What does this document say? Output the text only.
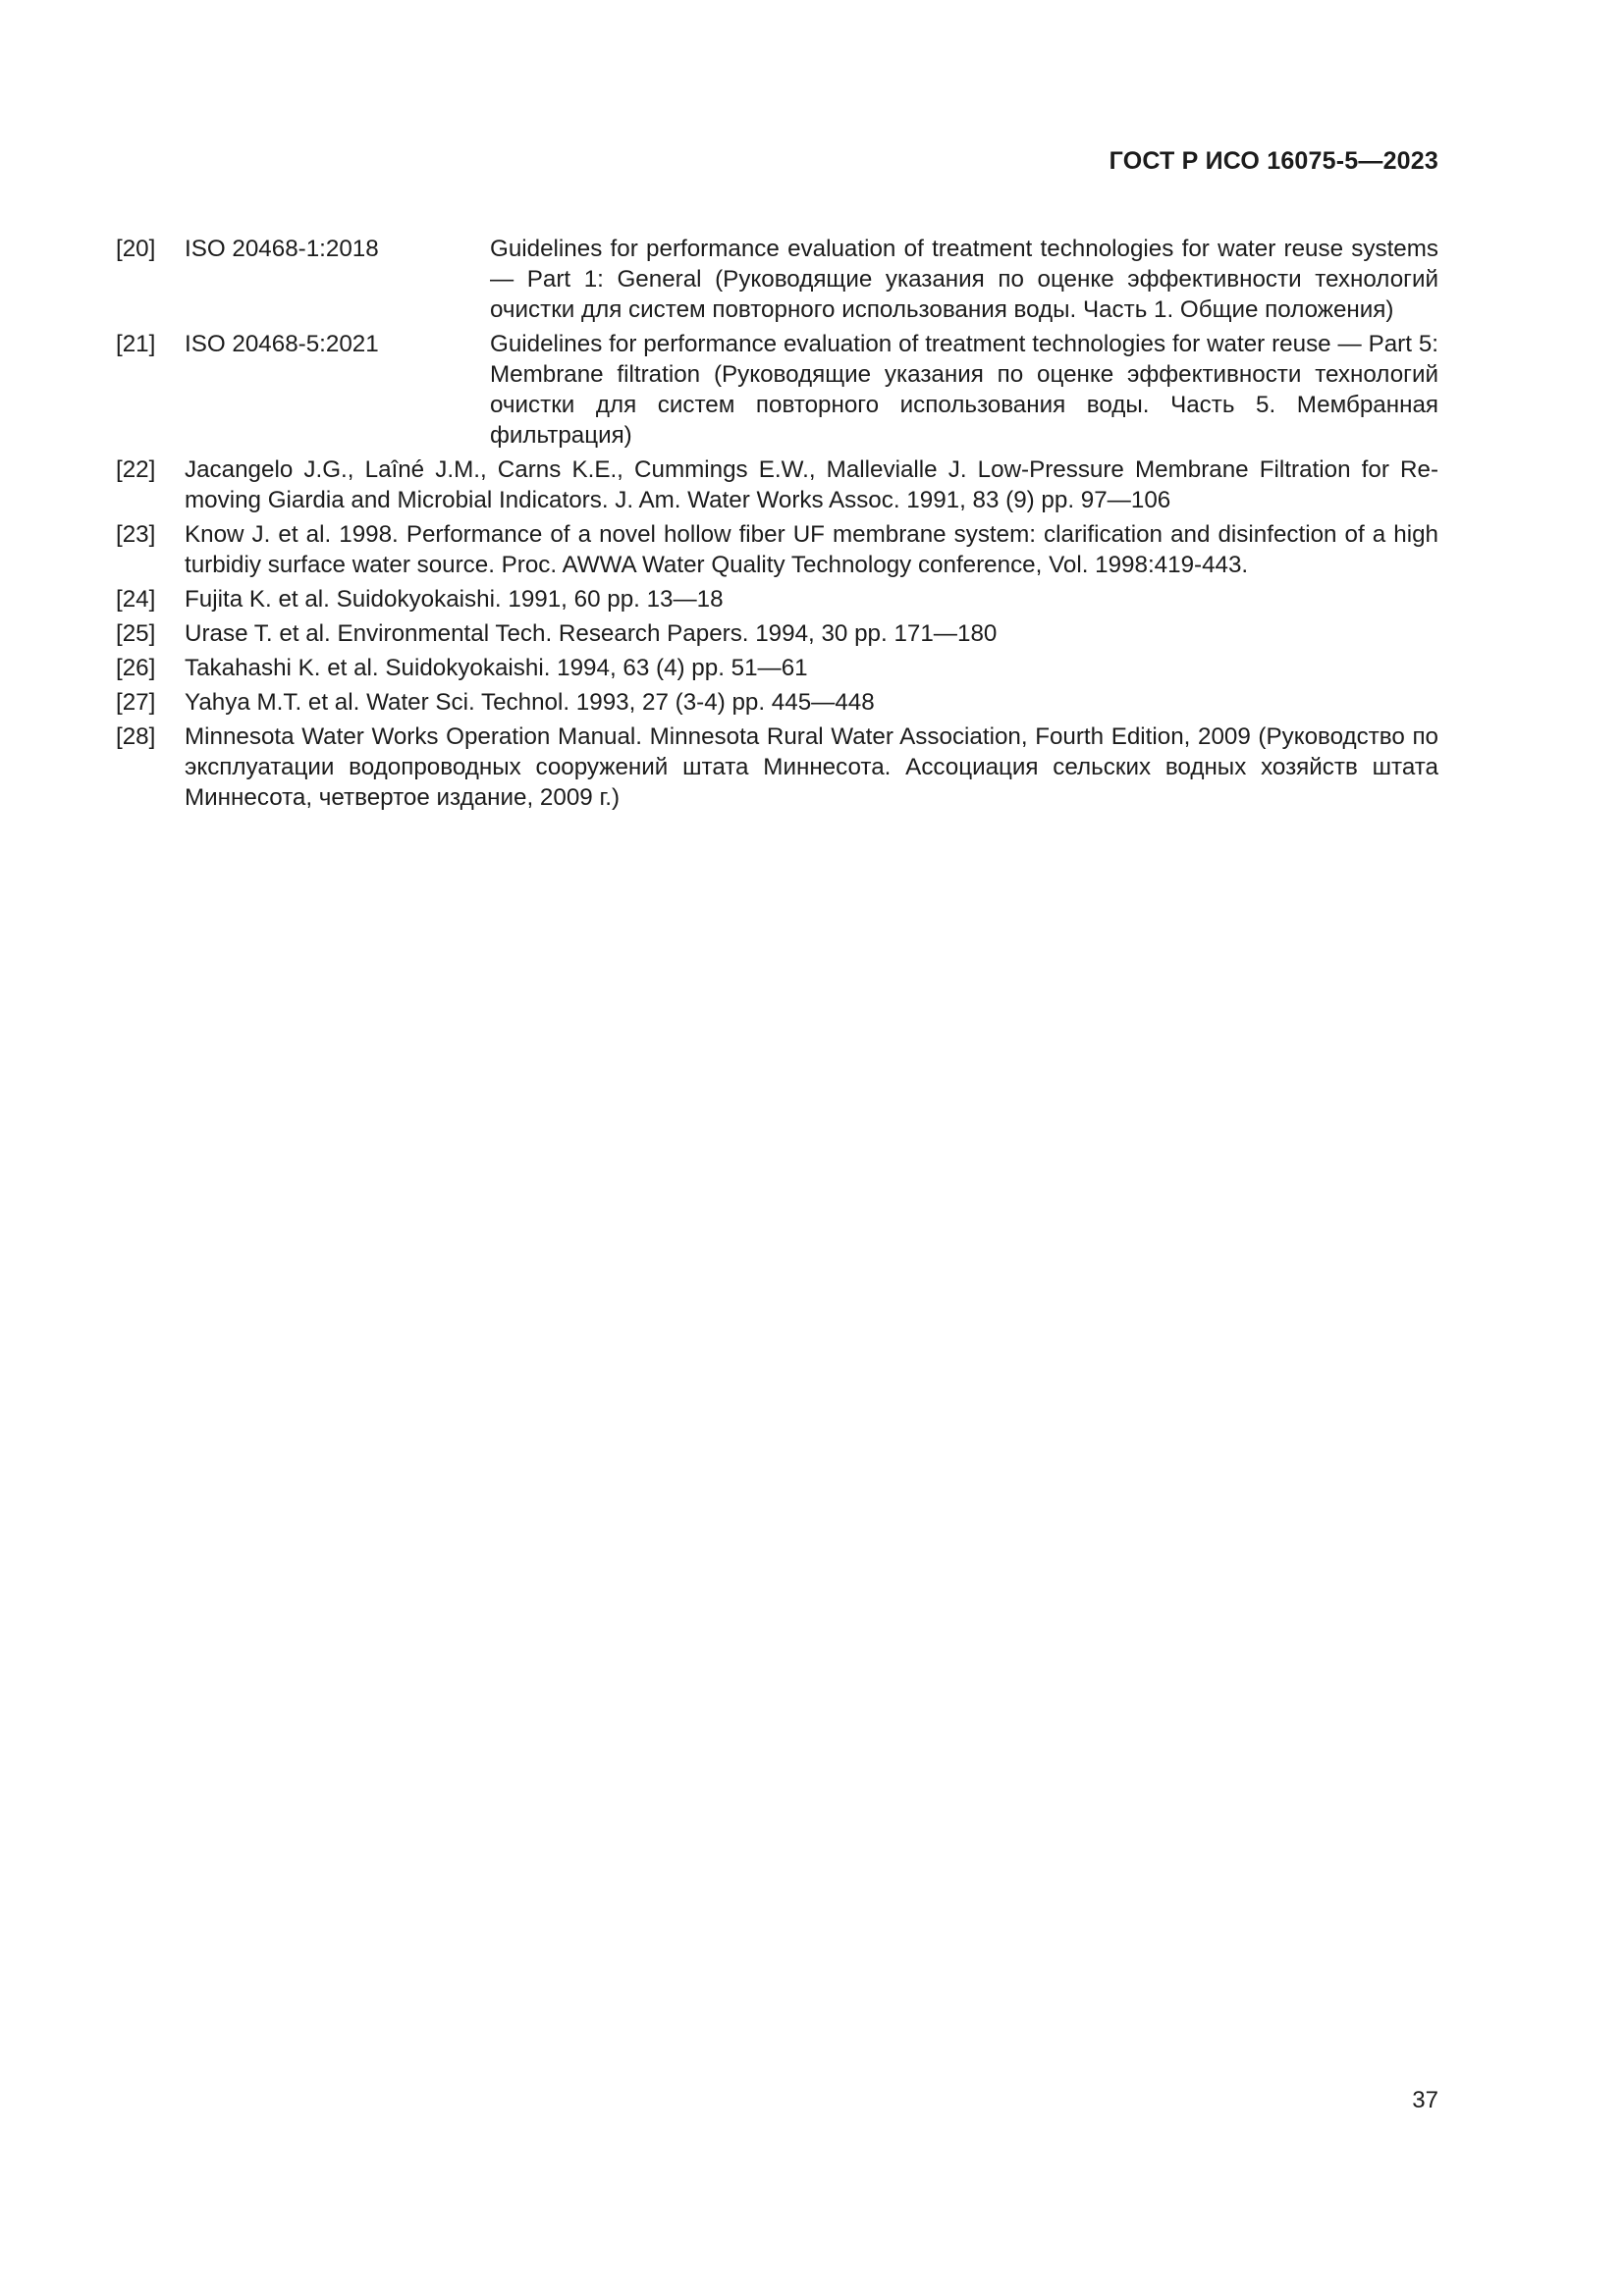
ГОСТ Р ИСО 16075-5—2023
[20] ISO 20468-1:2018	Guidelines for performance evaluation of treatment technologies for water reuse systems — Part 1: General (Руководящие указания по оценке эффективности технологий очистки для систем повторного использования воды. Часть 1. Общие положения)
[21] ISO 20468-5:2021	Guidelines for performance evaluation of treatment technologies for water reuse — Part 5: Membrane filtration (Руководящие указания по оценке эффективности технологий очистки для систем повторного использования воды. Часть 5. Мембранная фильтрация)
[22] Jacangelo J.G., Laîné J.M., Carns K.E., Cummings E.W., Mallevialle J. Low-Pressure Membrane Filtration for Removing Giardia and Microbial Indicators. J. Am. Water Works Assoc. 1991, 83 (9) pp. 97—106
[23] Know J. et al. 1998. Performance of a novel hollow fiber UF membrane system: clarification and disinfection of a high turbidiy surface water source. Proc. AWWA Water Quality Technology conference, Vol. 1998:419-443.
[24] Fujita K. et al. Suidokyokaishi. 1991, 60 pp. 13—18
[25] Urase T. et al. Environmental Tech. Research Papers. 1994, 30 pp. 171—180
[26] Takahashi K. et al. Suidokyokaishi. 1994, 63 (4) pp. 51—61
[27] Yahya M.T. et al. Water Sci. Technol. 1993, 27 (3-4) pp. 445—448
[28] Minnesota Water Works Operation Manual. Minnesota Rural Water Association, Fourth Edition, 2009 (Руководство по эксплуатации водопроводных сооружений штата Миннесота. Ассоциация сельских водных хозяйств штата Миннесота, четвертое издание, 2009 г.)
37
